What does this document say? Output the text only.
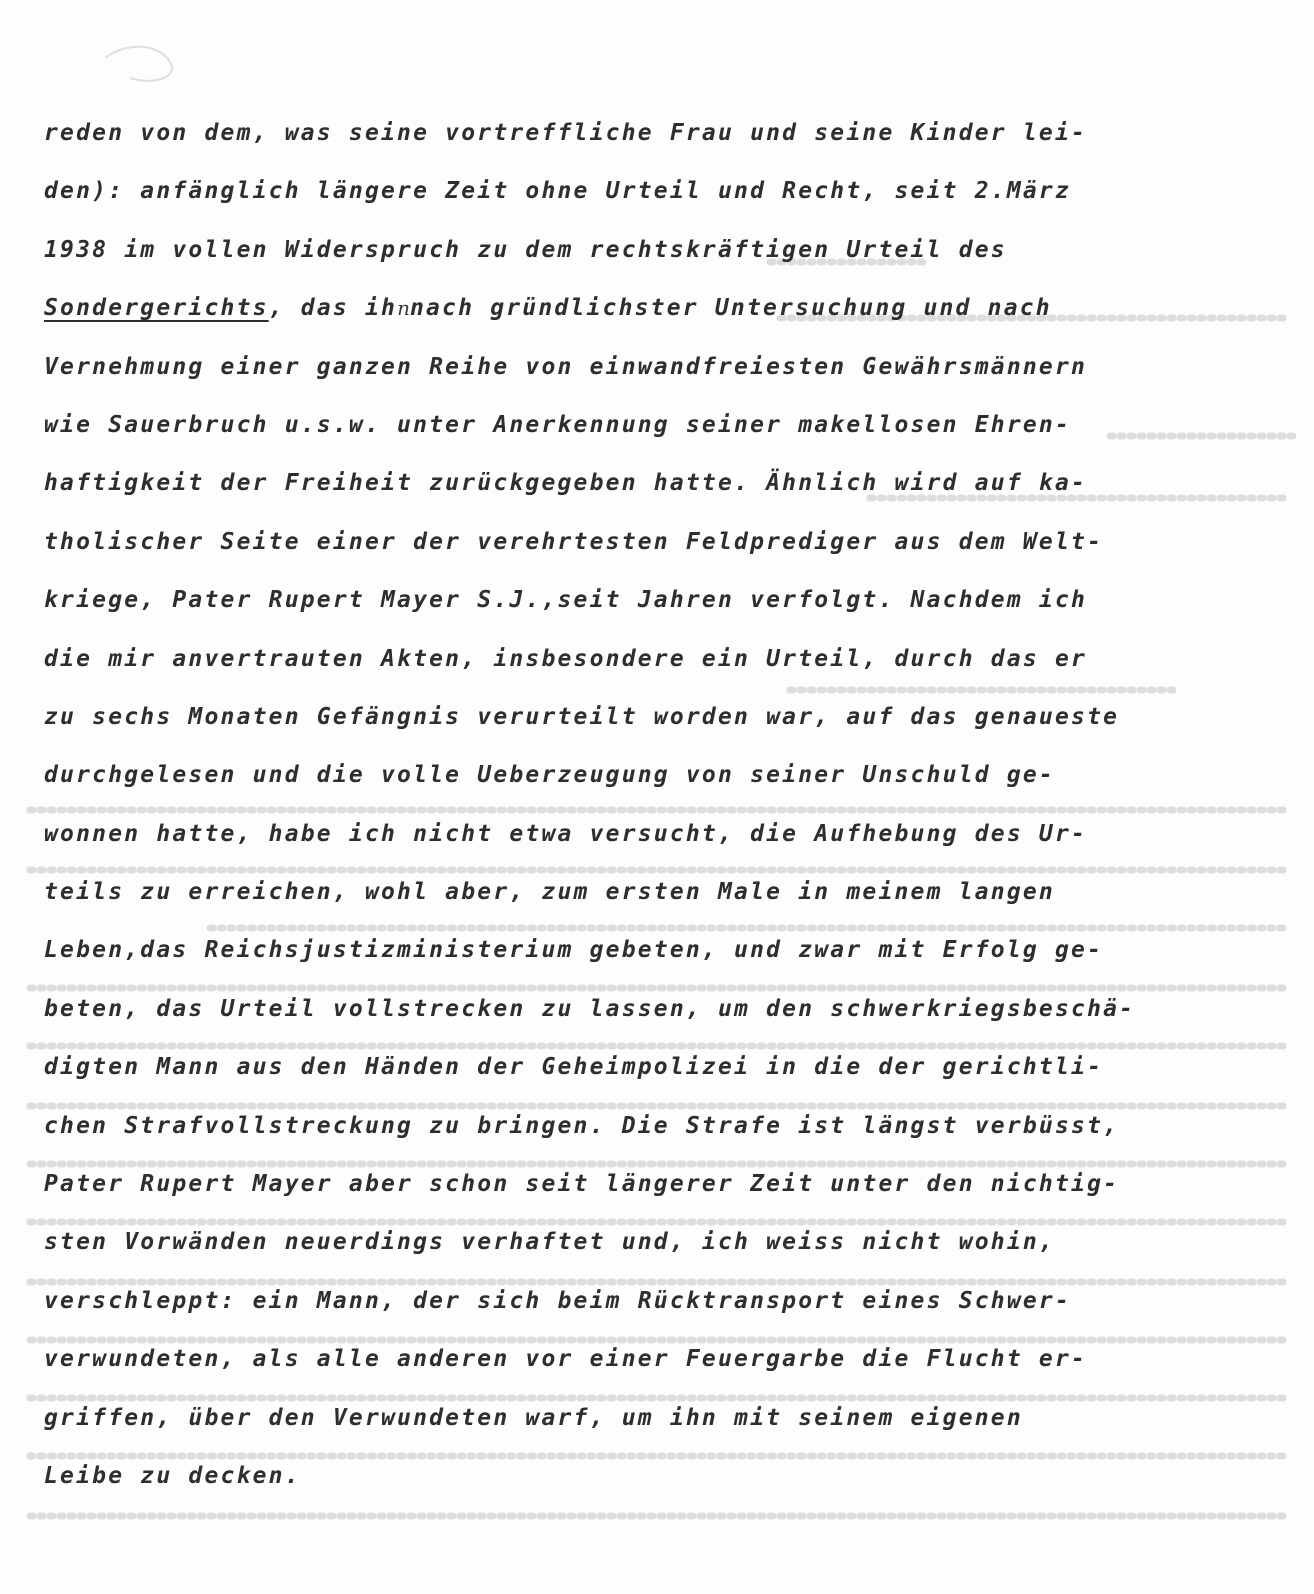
reden von dem, was seine vortreffliche Frau und seine Kinder lei-
den): anfänglich längere Zeit ohne Urteil und Recht, seit 2.März
1938 im vollen Widerspruch zu dem rechtskräftigen Urteil des
Sondergerichts, das ihnnach gründlichster Untersuchung und nach
Vernehmung einer ganzen Reihe von einwandfreiesten Gewährsmännern
wie Sauerbruch u.s.w. unter Anerkennung seiner makellosen Ehren-
haftigkeit der Freiheit zurückgegeben hatte. Ähnlich wird auf ka-
tholischer Seite einer der verehrtesten Feldprediger aus dem Welt-
kriege, Pater Rupert Mayer S.J.,seit Jahren verfolgt. Nachdem ich
die mir anvertrauten Akten, insbesondere ein Urteil, durch das er
zu sechs Monaten Gefängnis verurteilt worden war, auf das genaueste
durchgelesen und die volle Ueberzeugung von seiner Unschuld ge-
wonnen hatte, habe ich nicht etwa versucht, die Aufhebung des Ur-
teils zu erreichen, wohl aber, zum ersten Male in meinem langen
Leben,das Reichsjustizministerium gebeten, und zwar mit Erfolg ge-
beten, das Urteil vollstrecken zu lassen, um den schwerkriegsbeschä-
digten Mann aus den Händen der Geheimpolizei in die der gerichtli-
chen Strafvollstreckung zu bringen. Die Strafe ist längst verbüsst,
Pater Rupert Mayer aber schon seit längerer Zeit unter den nichtig-
sten Vorwänden neuerdings verhaftet und, ich weiss nicht wohin,
verschleppt: ein Mann, der sich beim Rücktransport eines Schwer-
verwundeten, als alle anderen vor einer Feuergarbe die Flucht er-
griffen, über den Verwundeten warf, um ihn mit seinem eigenen
Leibe zu decken.
